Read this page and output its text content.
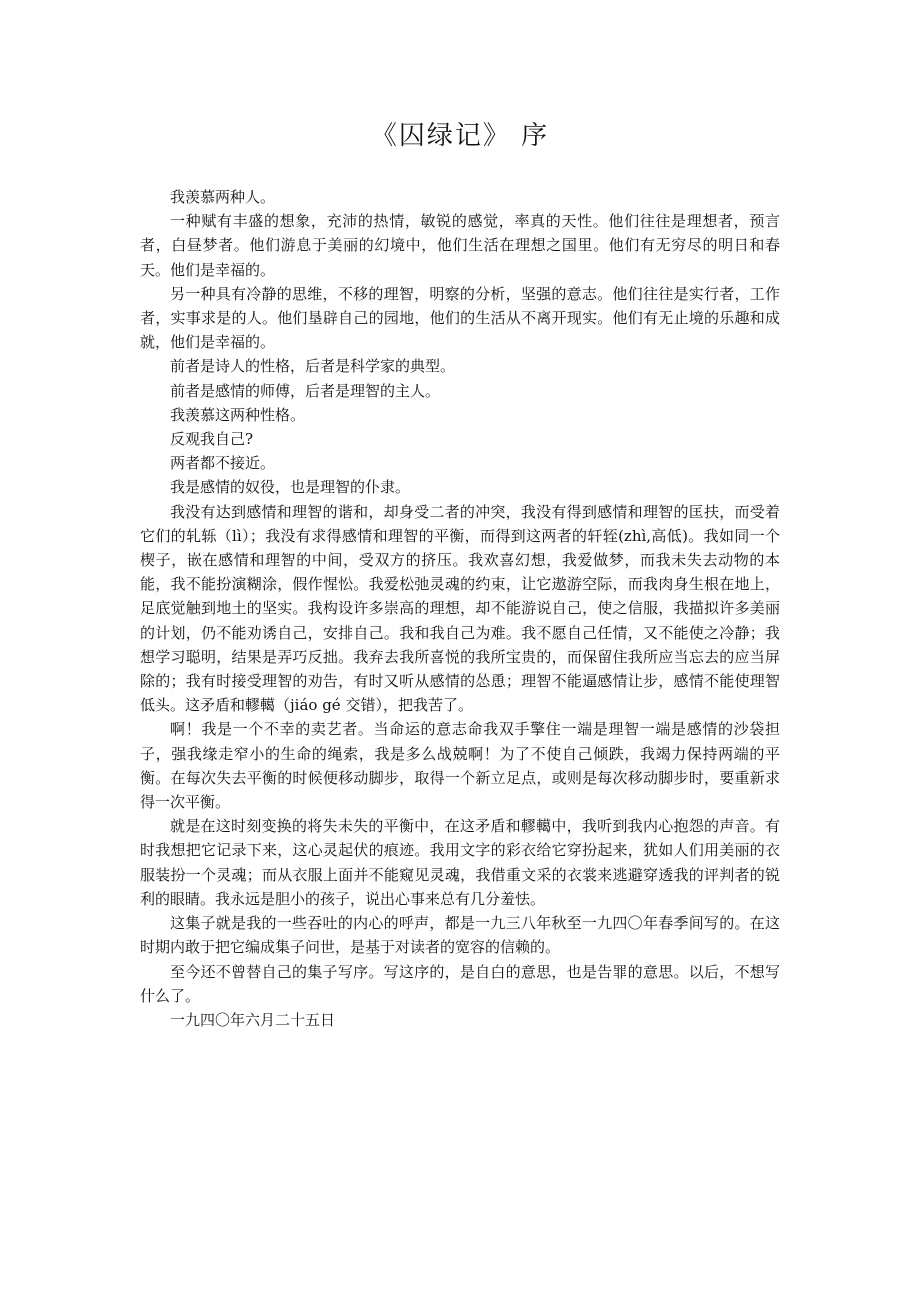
《囚绿记》 序

我羡慕两种人。

一种赋有丰盛的想象，充沛的热情，敏锐的感觉，率真的天性。他们往往是理想者，预言者，白昼梦者。他们游息于美丽的幻境中，他们生活在理想之国里。他们有无穷尽的明日和春天。他们是幸福的。

另一种具有冷静的思维，不移的理智，明察的分析，坚强的意志。他们往往是实行者，工作者，实事求是的人。他们垦辟自己的园地，他们的生活从不离开现实。他们有无止境的乐趣和成就，他们是幸福的。

前者是诗人的性格，后者是科学家的典型。

前者是感情的师傅，后者是理智的主人。

我羡慕这两种性格。

反观我自己?

两者都不接近。

我是感情的奴役，也是理智的仆隶。

我没有达到感情和理智的谐和，却身受二者的冲突，我没有得到感情和理智的匡扶，而受着它们的轧轹（lì）；我没有求得感情和理智的平衡，而得到这两者的轩轾(zhì,高低)。我如同一个楔子，嵌在感情和理智的中间，受双方的挤压。我欢喜幻想，我爱做梦，而我未失去动物的本能，我不能扮演糊涂，假作惺忪。我爱松弛灵魂的约束，让它遨游空际，而我肉身生根在地上，足底觉触到地土的坚实。我构设许多崇高的理想，却不能游说自己，使之信服，我描拟许多美丽的计划，仍不能劝诱自己，安排自己。我和我自己为难。我不愿自己任情，又不能使之冷静；我想学习聪明，结果是弄巧反拙。我弃去我所喜悦的我所宝贵的，而保留住我所应当忘去的应当屏除的；我有时接受理智的劝告，有时又听从感情的怂恿；理智不能逼感情让步，感情不能使理智低头。这矛盾和轇轕（jiáo gé 交错），把我苦了。

啊！我是一个不幸的卖艺者。当命运的意志命我双手擎住一端是理智一端是感情的沙袋担子，强我缘走窄小的生命的绳索，我是多么战兢啊！为了不使自己倾跌，我竭力保持两端的平衡。在每次失去平衡的时候便移动脚步，取得一个新立足点，或则是每次移动脚步时，要重新求得一次平衡。

就是在这时刻变换的将失未失的平衡中，在这矛盾和轇轕中，我听到我内心抱怨的声音。有时我想把它记录下来，这心灵起伏的痕迹。我用文字的彩衣给它穿扮起来，犹如人们用美丽的衣服装扮一个灵魂；而从衣服上面并不能窥见灵魂，我借重文采的衣裳来逃避穿透我的评判者的锐利的眼睛。我永远是胆小的孩子，说出心事来总有几分羞怯。

这集子就是我的一些吞吐的内心的呼声，都是一九三八年秋至一九四〇年春季间写的。在这时期内敢于把它编成集子问世，是基于对读者的宽容的信赖的。

至今还不曾替自己的集子写序。写这序的，是自白的意思，也是告罪的意思。以后，不想写什么了。

一九四〇年六月二十五日
